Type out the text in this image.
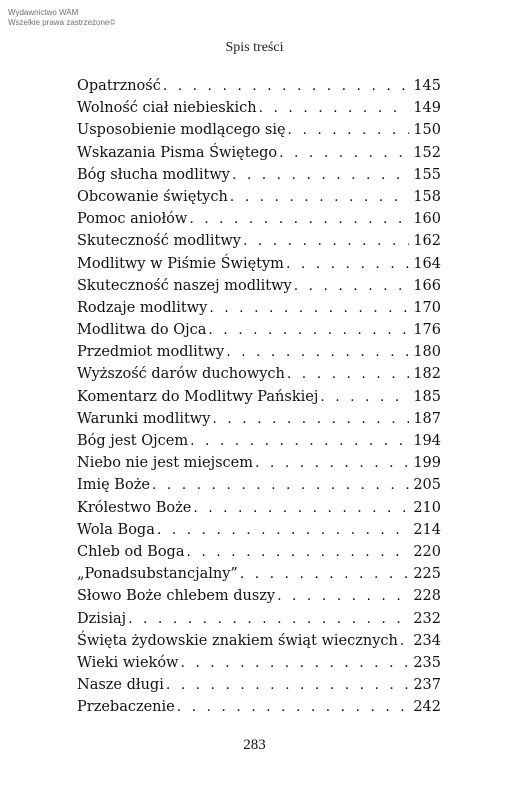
Wydawnictwo WAM
Wszelkie prawa zastrzeżone©
Spis treści
Opatrzność . . .	145
Wolność ciał niebieskich . . .	149
Usposobienie modlącego się . . .	150
Wskazania Pisma Świętego . . .	152
Bóg słucha modlitwy . . .	155
Obcowanie świętych . . .	158
Pomoc aniołów . . .	160
Skuteczność modlitwy . . .	162
Modlitwy w Piśmie Świętym . . .	164
Skuteczność naszej modlitwy . . .	166
Rodzaje modlitwy . . .	170
Modlitwa do Ojca . . .	176
Przedmiot modlitwy . . .	180
Wyższość darów duchowych . . .	182
Komentarz do Modlitwy Pańskiej . . .	185
Warunki modlitwy . . .	187
Bóg jest Ojcem . . .	194
Niebo nie jest miejscem . . .	199
Imię Boże . . .	205
Królestwo Boże . . .	210
Wola Boga . . .	214
Chleb od Boga . . .	220
„Ponadsubstancjalny” . . .	225
Słowo Boże chlebem duszy . . .	228
Dzisiaj . . .	232
Święta żydowskie znakiem świąt wiecznych . . . 234
Wieki wieków . . .	235
Nasze długi . . .	237
Przebaczenie . . .	242
283
